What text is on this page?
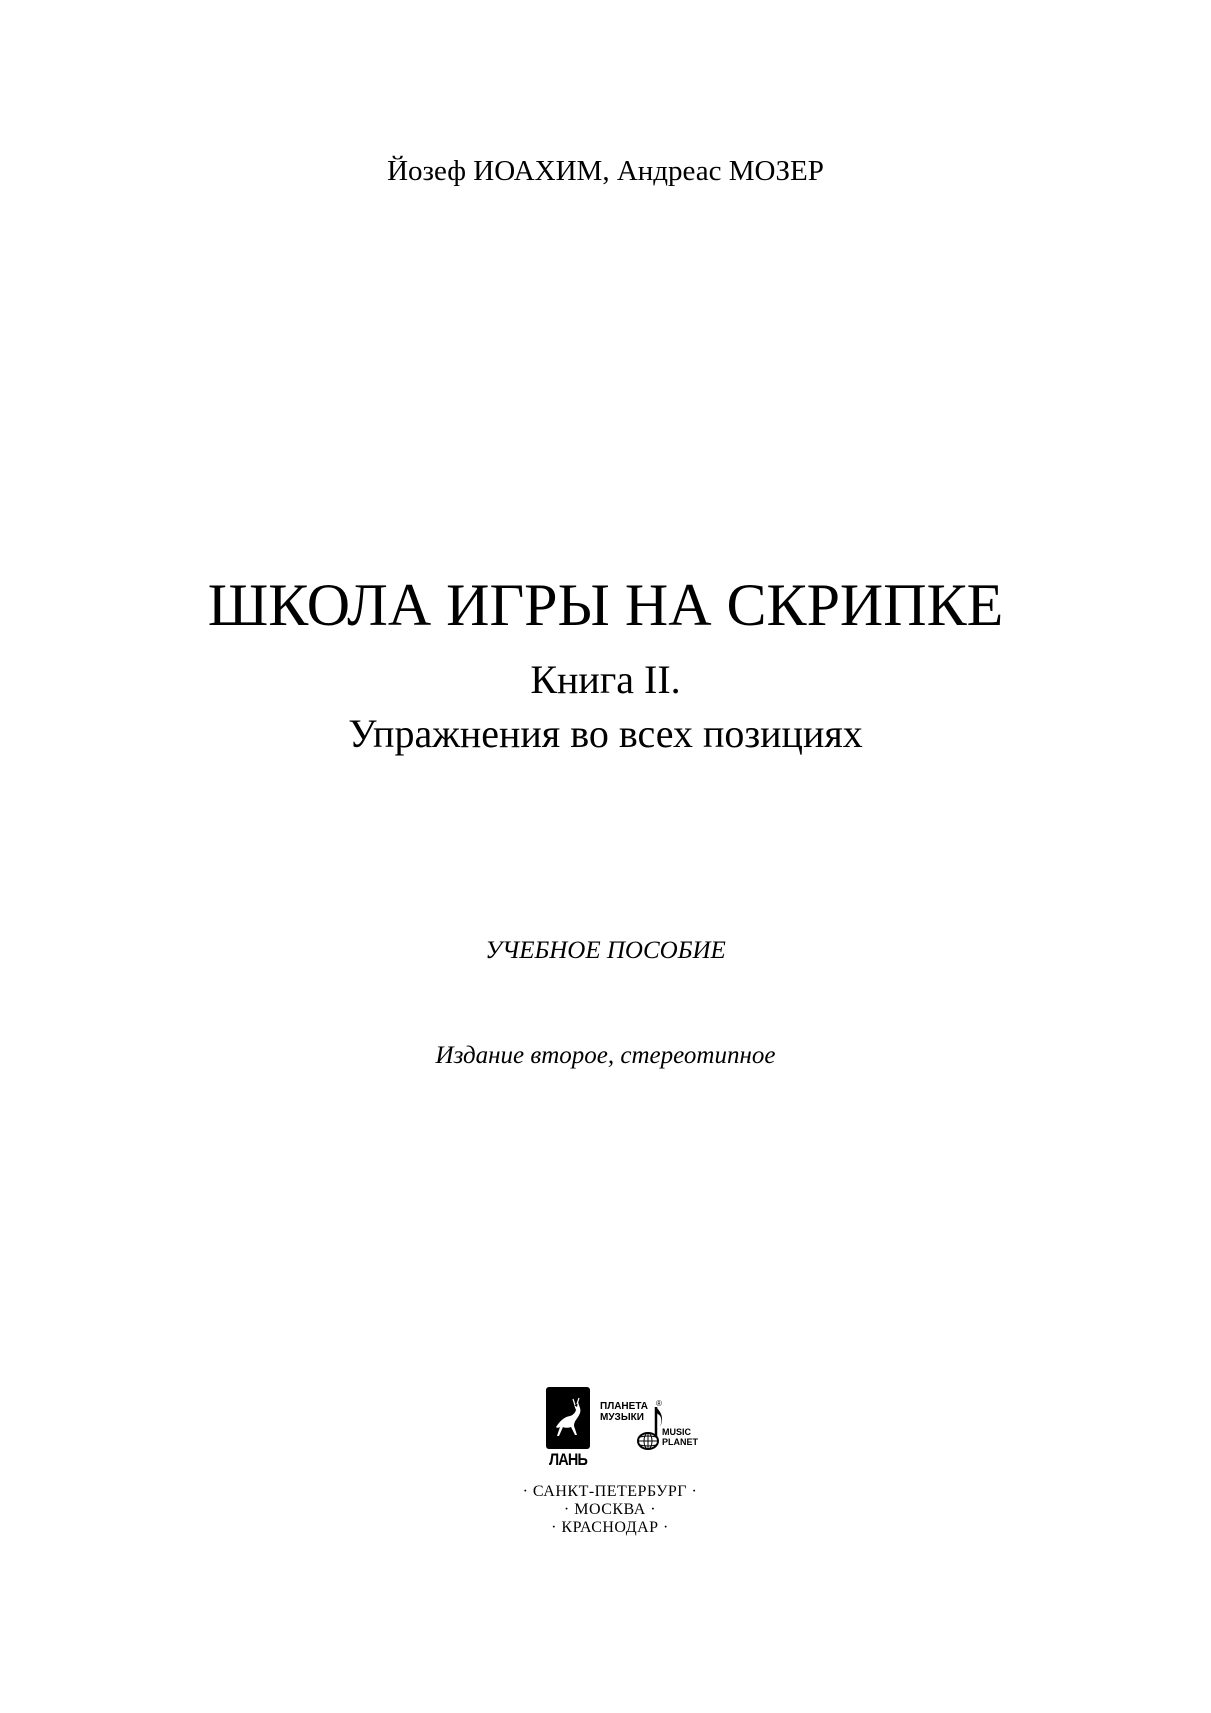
Йозеф ИОАХИМ, Андреас МОЗЕР

ШКОЛА ИГРЫ НА СКРИПКЕ

Книга II.

Упражнения во всех позициях

УЧЕБНОЕ ПОСОБИЕ

Издание второе, стереотипное

ЛАНЬ
ПЛАНЕТА
МУЗЫКИ
®
MUSIC
PLANET
· САНКТ-ПЕТЕРБУРГ ·
· МОСКВА ·
· КРАСНОДАР ·
